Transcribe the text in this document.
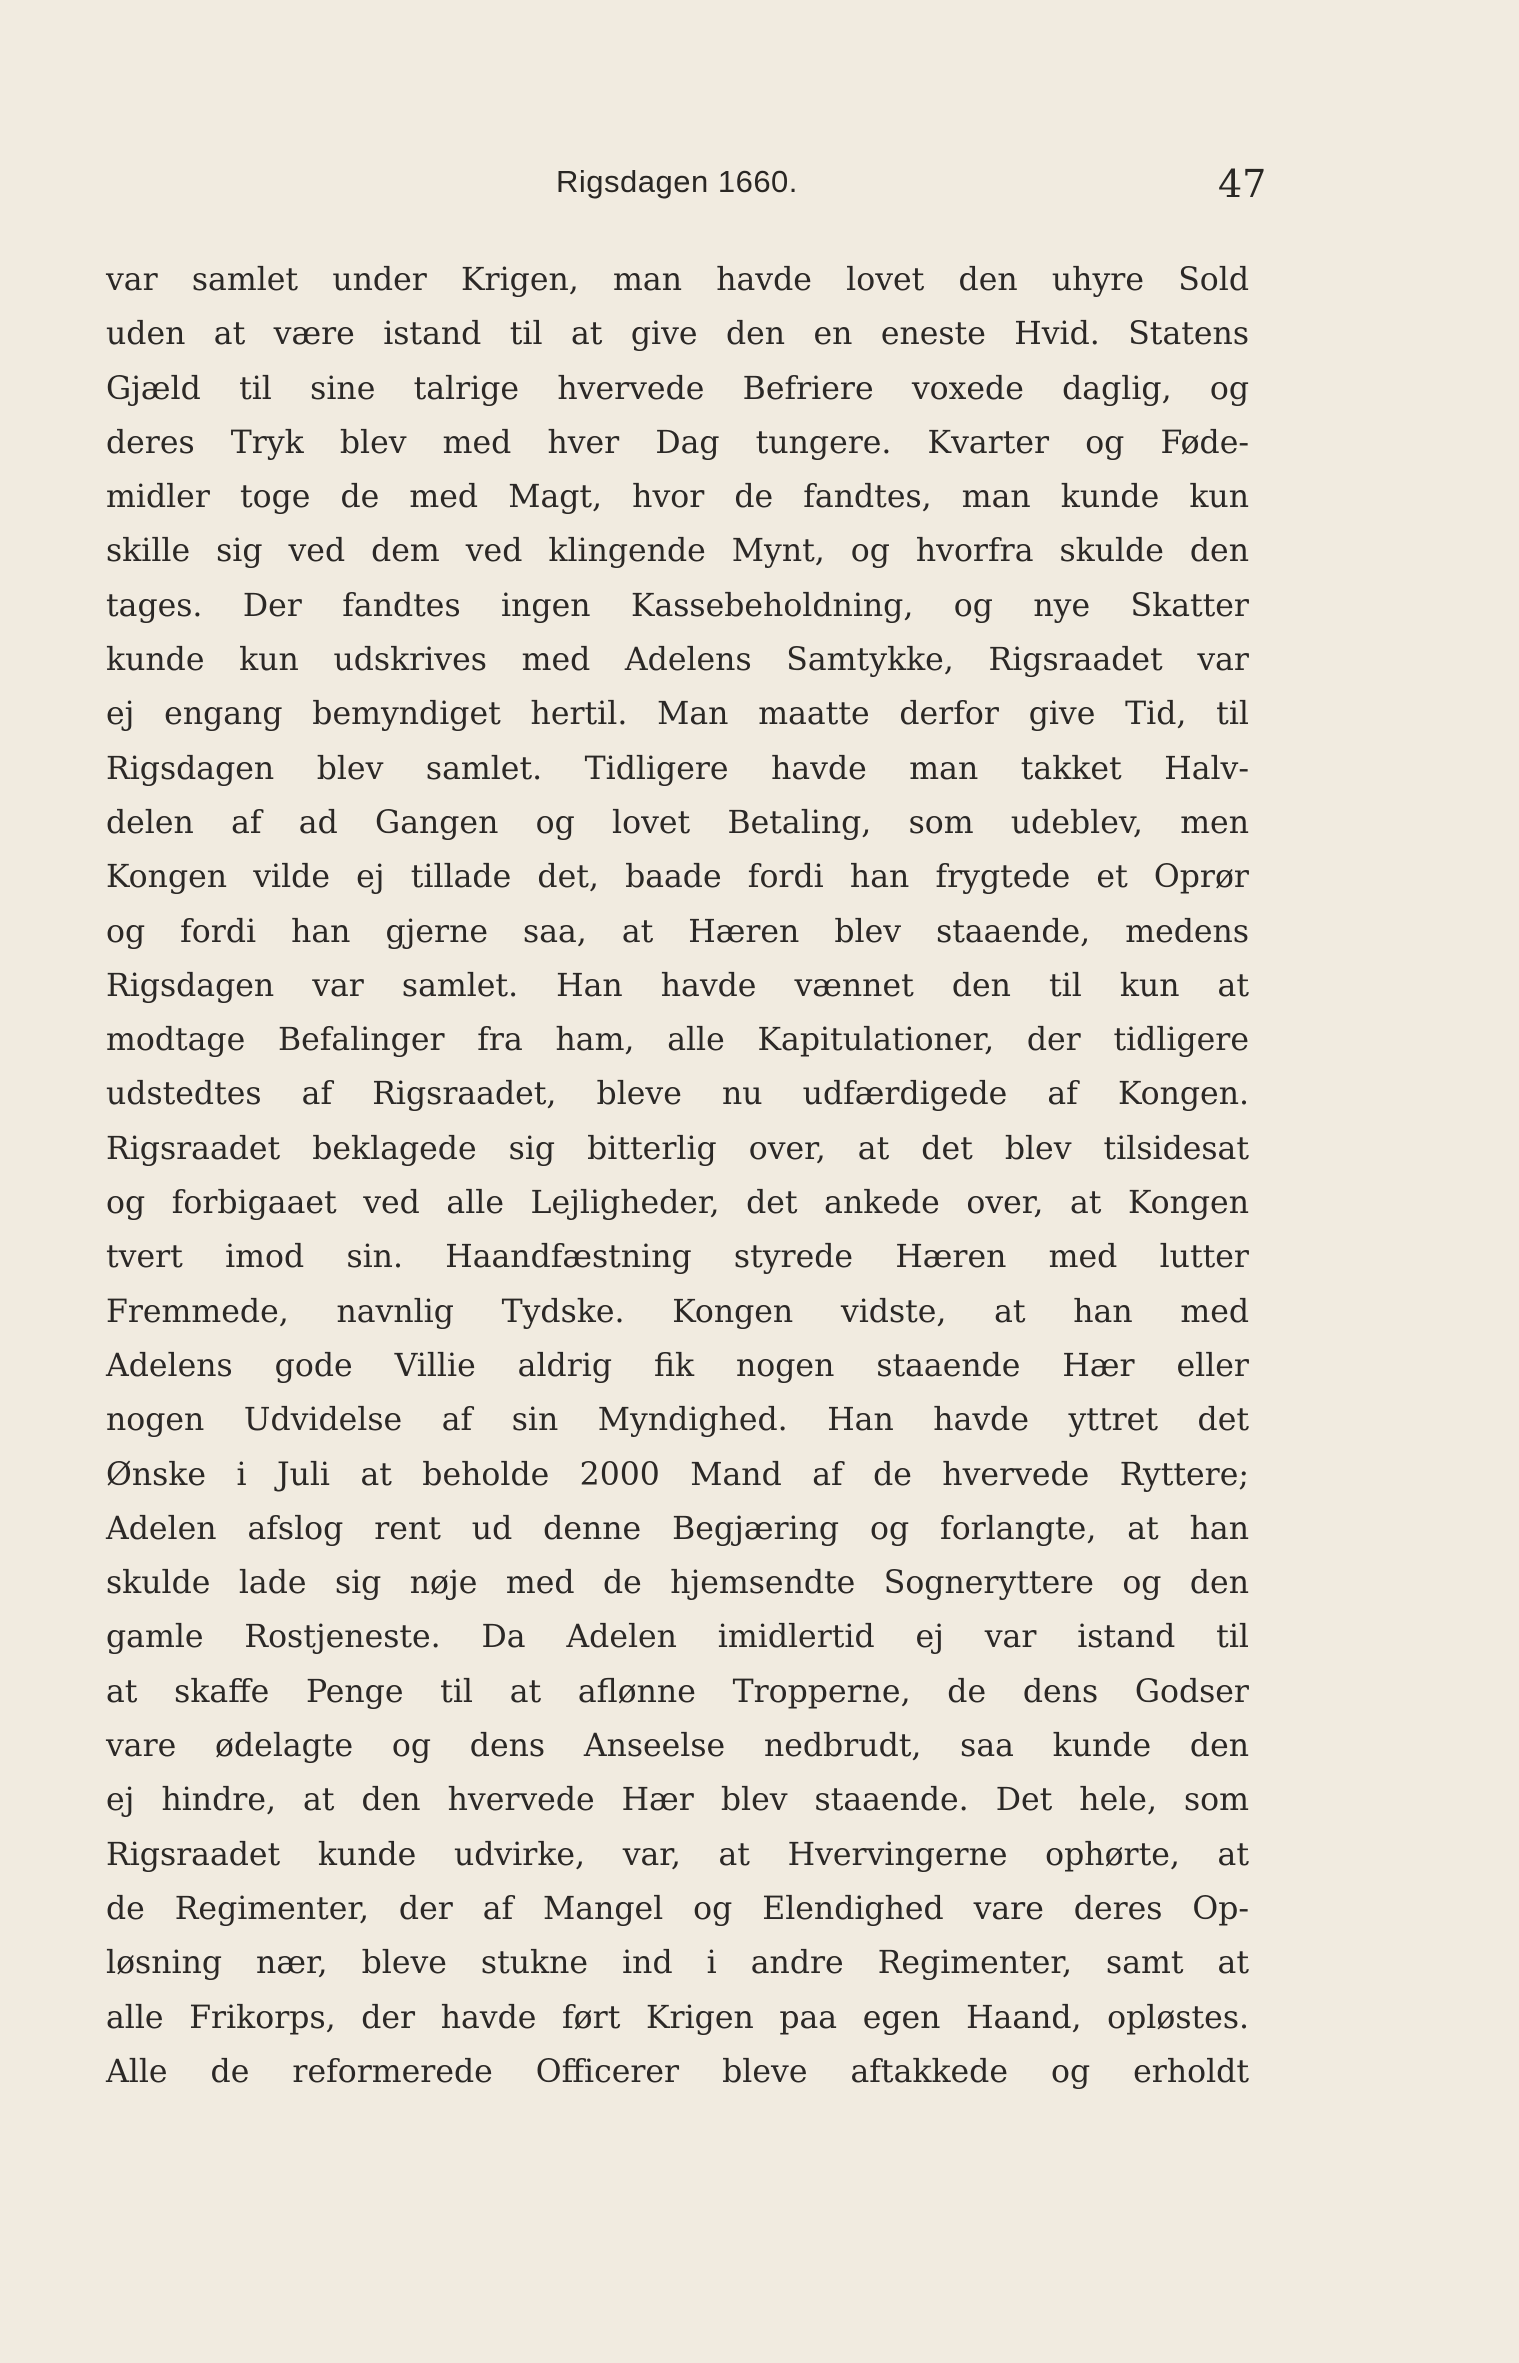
Rigsdagen 1660.	47
var samlet under Krigen, man havde lovet den uhyre Sold
uden at være istand til at give den en eneste Hvid. Statens
Gjæld til sine talrige hvervede Befriere voxede daglig, og
deres Tryk blev med hver Dag tungere. Kvarter og Føde-
midler toge de med Magt, hvor de fandtes, man kunde kun
skille sig ved dem ved klingende Mynt, og hvorfra skulde den
tages. Der fandtes ingen Kassebeholdning, og nye Skatter
kunde kun udskrives med Adelens Samtykke, Rigsraadet var
ej engang bemyndiget hertil. Man maatte derfor give Tid, til
Rigsdagen blev samlet. Tidligere havde man takket Halv-
delen af ad Gangen og lovet Betaling, som udeblev, men
Kongen vilde ej tillade det, baade fordi han frygtede et Oprør
og fordi han gjerne saa, at Hæren blev staaende, medens
Rigsdagen var samlet. Han havde vænnet den til kun at
modtage Befalinger fra ham, alle Kapitulationer, der tidligere
udstedtes af Rigsraadet, bleve nu udfærdigede af Kongen.
Rigsraadet beklagede sig bitterlig over, at det blev tilsidesat
og forbigaaet ved alle Lejligheder, det ankede over, at Kongen
tvert imod sin. Haandfæstning styrede Hæren med lutter
Fremmede, navnlig Tydske. Kongen vidste, at han med
Adelens gode Villie aldrig fik nogen staaende Hær eller
nogen Udvidelse af sin Myndighed. Han havde yttret det
Ønske i Juli at beholde 2000 Mand af de hvervede Ryttere;
Adelen afslog rent ud denne Begjæring og forlangte, at han
skulde lade sig nøje med de hjemsendte Sogneryttere og den
gamle Rostjeneste. Da Adelen imidlertid ej var istand til
at skaffe Penge til at aflønne Tropperne, de dens Godser
vare ødelagte og dens Anseelse nedbrudt, saa kunde den
ej hindre, at den hvervede Hær blev staaende. Det hele, som
Rigsraadet kunde udvirke, var, at Hvervingerne ophørte, at
de Regimenter, der af Mangel og Elendighed vare deres Op-
løsning nær, bleve stukne ind i andre Regimenter, samt at
alle Frikorps, der havde ført Krigen paa egen Haand, opløstes.
Alle de reformerede Officerer bleve aftakkede og erholdt
